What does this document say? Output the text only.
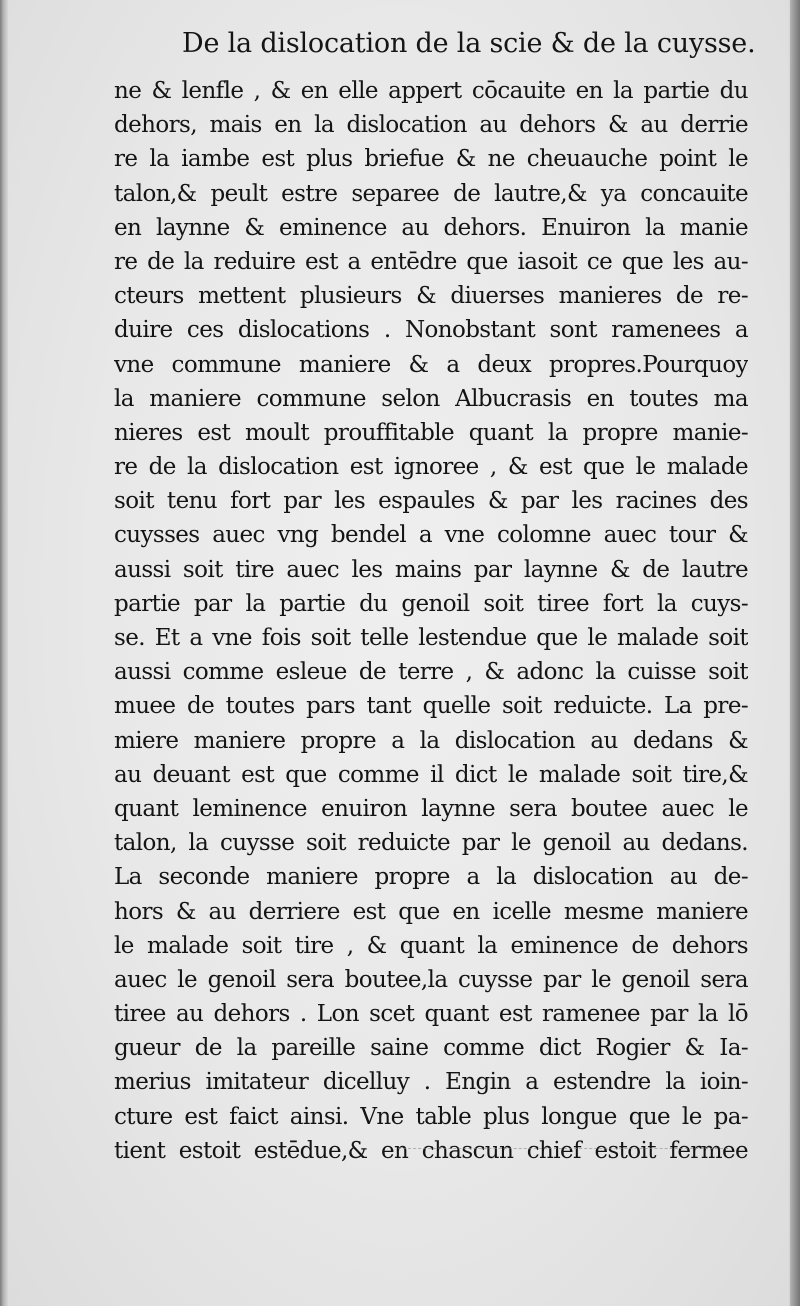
De la dislocation de la scie & de la cuysse.
ne & lenfle , & en elle appert cōcauite en la partie du
dehors, mais en la dislocation au dehors & au derrie
re la iambe est plus briefue & ne cheuauche point le
talon,& peult estre separee de lautre,& ya concauite
en laynne & eminence au dehors. Enuiron la manie
re de la reduire est a entēdre que iasoit ce que les au-
cteurs mettent plusieurs & diuerses manieres de re-
duire ces dislocations . Nonobstant sont ramenees a
vne commune maniere & a deux propres.Pourquoy
la maniere commune selon Albucrasis en toutes ma
nieres est moult prouffitable quant la propre manie-
re de la dislocation est ignoree , & est que le malade
soit tenu fort par les espaules & par les racines des
cuysses auec vng bendel a vne colomne auec tour &
aussi soit tire auec les mains par laynne & de lautre
partie par la partie du genoil soit tiree fort la cuys-
se. Et a vne fois soit telle lestendue que le malade soit
aussi comme esleue de terre , & adonc la cuisse soit
muee de toutes pars tant quelle soit reduicte. La pre-
miere maniere propre a la dislocation au dedans &
au deuant est que comme il dict le malade soit tire,&
quant leminence enuiron laynne sera boutee auec le
talon, la cuysse soit reduicte par le genoil au dedans.
La seconde maniere propre a la dislocation au de-
hors & au derriere est que en icelle mesme maniere
le malade soit tire , & quant la eminence de dehors
auec le genoil sera boutee,la cuysse par le genoil sera
tiree au dehors . Lon scet quant est ramenee par la lō
gueur de la pareille saine comme dict Rogier & Ia-
merius imitateur dicelluy . Engin a estendre la ioin-
cture est faict ainsi. Vne table plus longue que le pa-
tient estoit estēdue,& en chascun chief estoit fermee
